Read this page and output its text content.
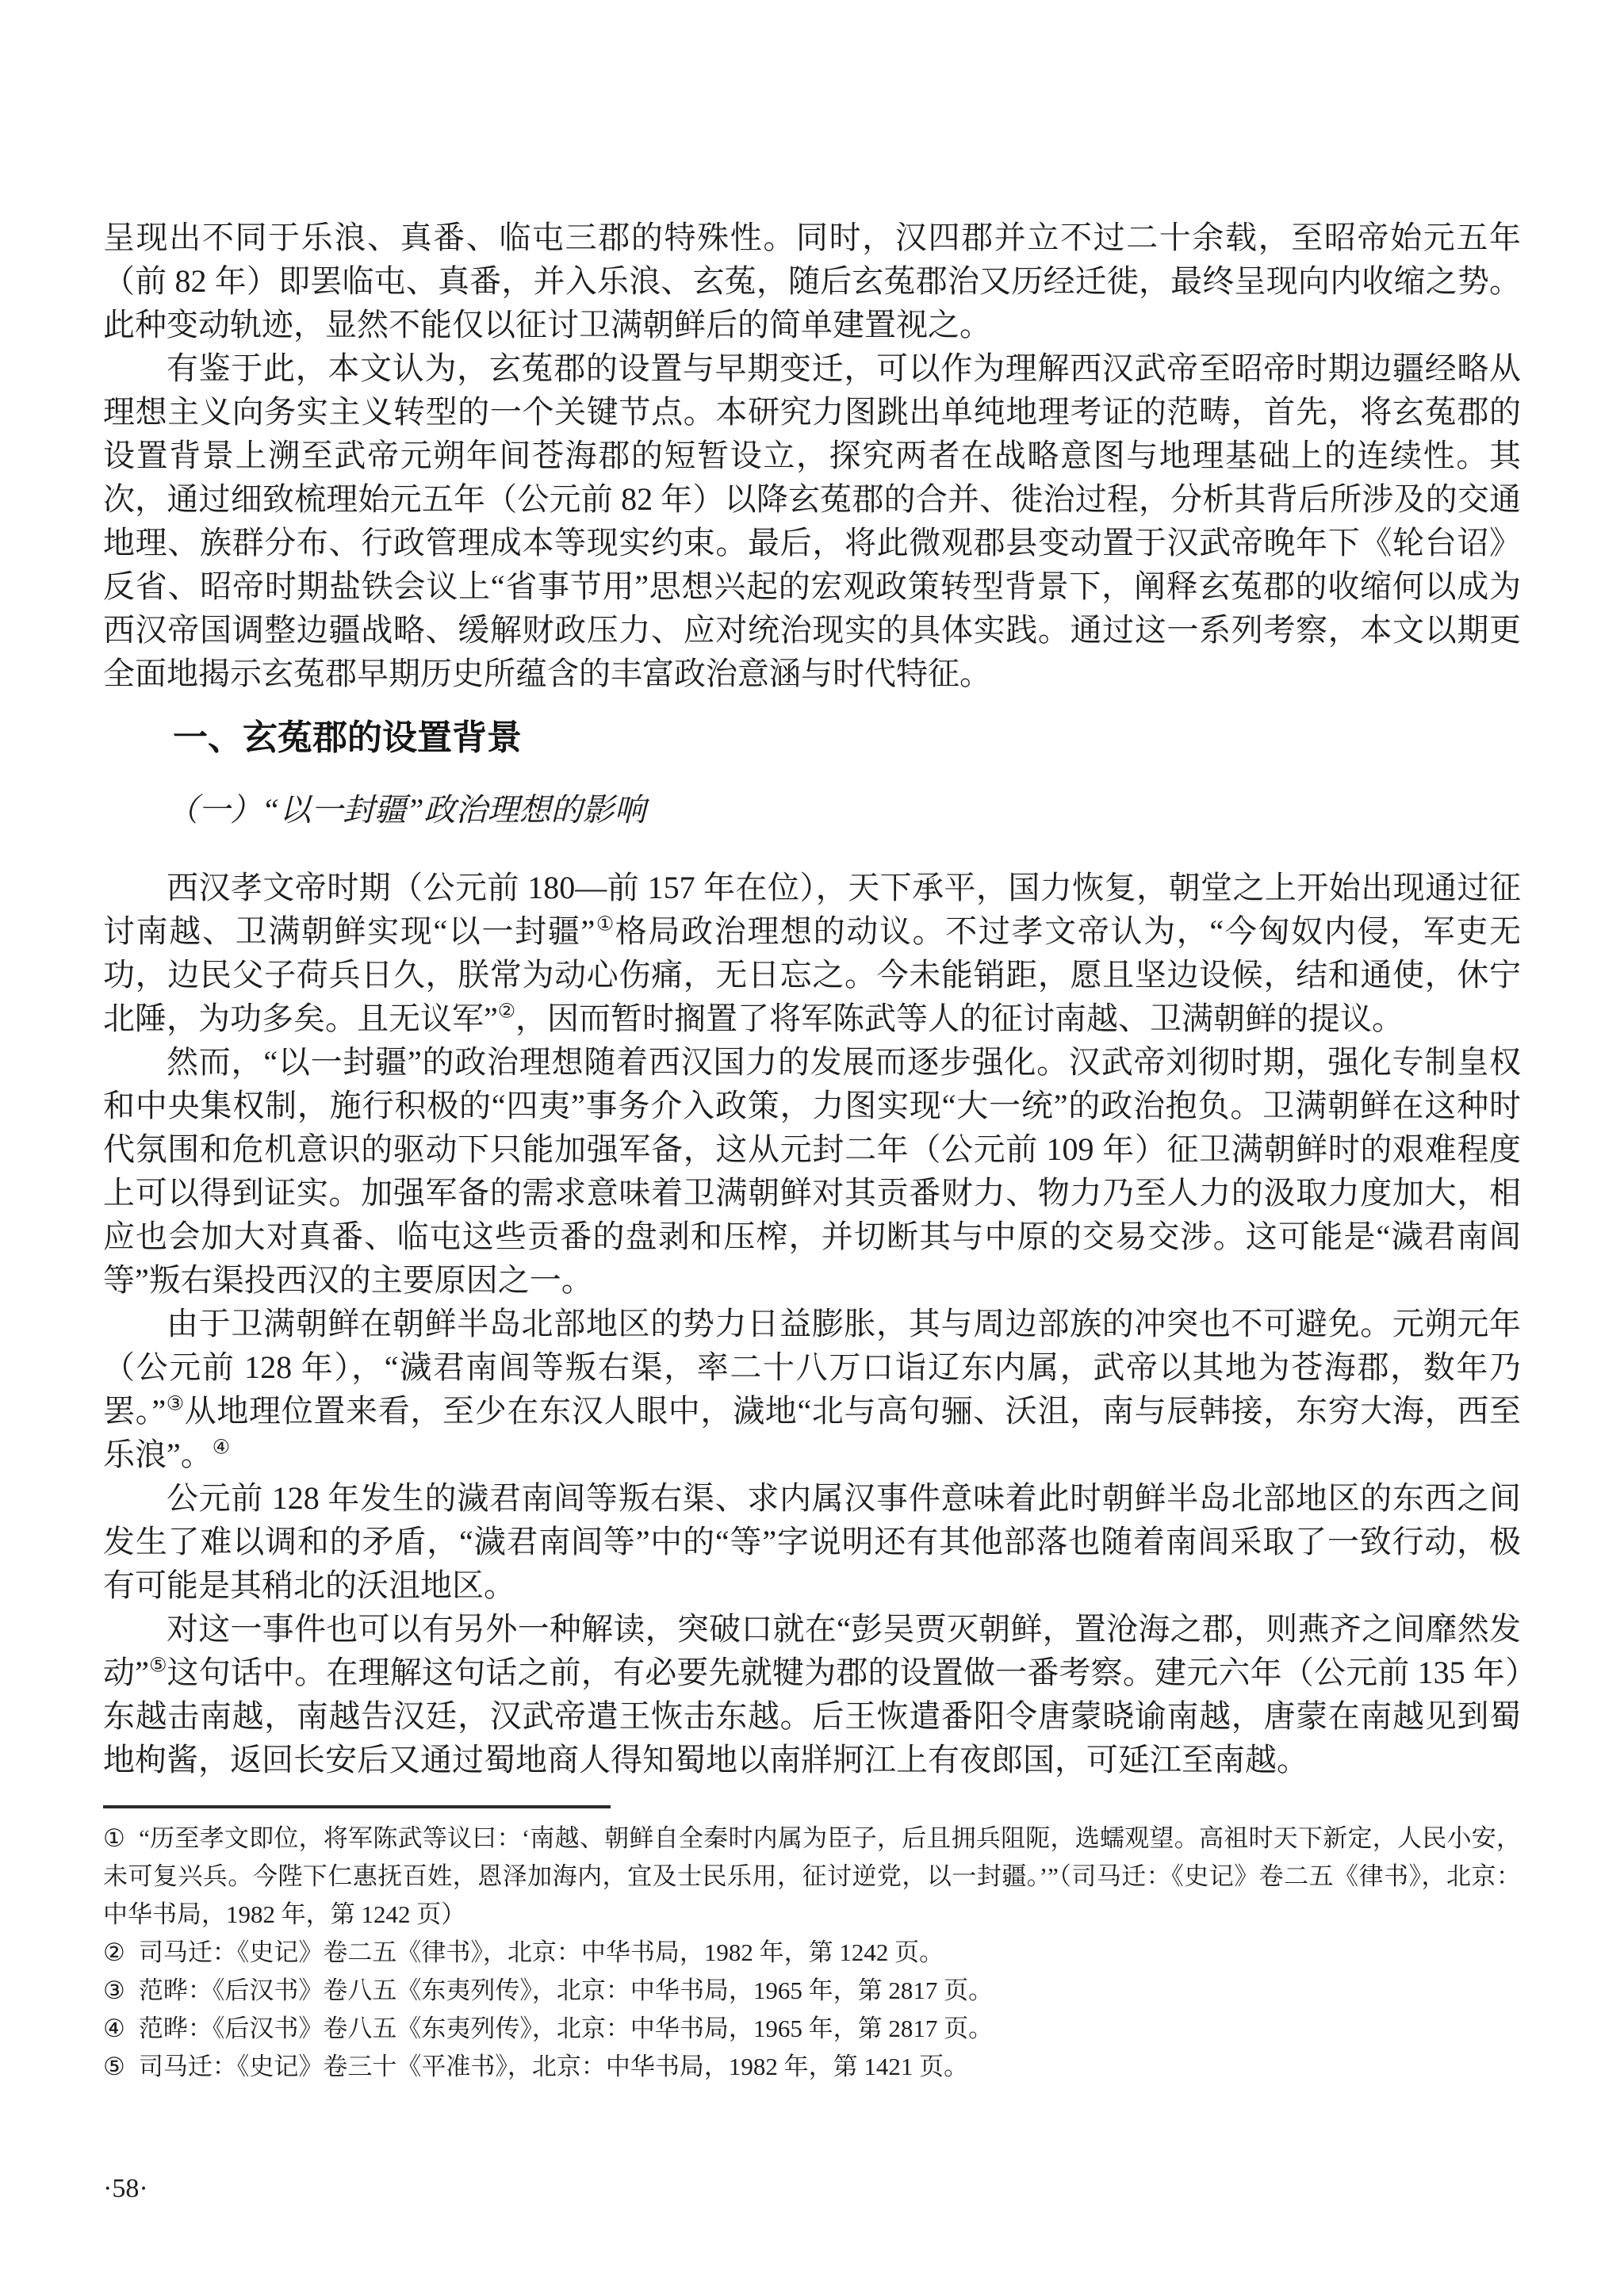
呈现出不同于乐浪、真番、临屯三郡的特殊性。同时，汉四郡并立不过二十余载，至昭帝始元五年（前 82 年）即罢临屯、真番，并入乐浪、玄菟，随后玄菟郡治又历经迁徙，最终呈现向内收缩之势。此种变动轨迹，显然不能仅以征讨卫满朝鲜后的简单建置视之。

有鉴于此，本文认为，玄菟郡的设置与早期变迁，可以作为理解西汉武帝至昭帝时期边疆经略从理想主义向务实主义转型的一个关键节点。本研究力图跳出单纯地理考证的范畴，首先，将玄菟郡的设置背景上溯至武帝元朔年间苍海郡的短暂设立，探究两者在战略意图与地理基础上的连续性。其次，通过细致梳理始元五年（公元前 82 年）以降玄菟郡的合并、徙治过程，分析其背后所涉及的交通地理、族群分布、行政管理成本等现实约束。最后，将此微观郡县变动置于汉武帝晚年下《轮台诏》反省、昭帝时期盐铁会议上“省事节用”思想兴起的宏观政策转型背景下，阐释玄菟郡的收缩何以成为西汉帝国调整边疆战略、缓解财政压力、应对统治现实的具体实践。通过这一系列考察，本文以期更全面地揭示玄菟郡早期历史所蕴含的丰富政治意涵与时代特征。

一、玄菟郡的设置背景
（一）“以一封疆”政治理想的影响

西汉孝文帝时期（公元前 180—前 157 年在位），天下承平，国力恢复，朝堂之上开始出现通过征讨南越、卫满朝鲜实现“以一封疆”①格局政治理想的动议。不过孝文帝认为，“今匈奴内侵，军吏无功，边民父子荷兵日久，朕常为动心伤痛，无日忘之。今未能销距，愿且坚边设候，结和通使，休宁北陲，为功多矣。且无议军”②，因而暂时搁置了将军陈武等人的征讨南越、卫满朝鲜的提议。

然而，“以一封疆”的政治理想随着西汉国力的发展而逐步强化。汉武帝刘彻时期，强化专制皇权和中央集权制，施行积极的“四夷”事务介入政策，力图实现“大一统”的政治抱负。卫满朝鲜在这种时代氛围和危机意识的驱动下只能加强军备，这从元封二年（公元前 109 年）征卫满朝鲜时的艰难程度上可以得到证实。加强军备的需求意味着卫满朝鲜对其贡番财力、物力乃至人力的汲取力度加大，相应也会加大对真番、临屯这些贡番的盘剥和压榨，并切断其与中原的交易交涉。这可能是“濊君南闾等”叛右渠投西汉的主要原因之一。

由于卫满朝鲜在朝鲜半岛北部地区的势力日益膨胀，其与周边部族的冲突也不可避免。元朔元年（公元前 128 年），“濊君南闾等叛右渠，率二十八万口诣辽东内属，武帝以其地为苍海郡，数年乃罢。”③从地理位置来看，至少在东汉人眼中，濊地“北与高句骊、沃沮，南与辰韩接，东穷大海，西至乐浪”。④

公元前 128 年发生的濊君南闾等叛右渠、求内属汉事件意味着此时朝鲜半岛北部地区的东西之间发生了难以调和的矛盾，“濊君南闾等”中的“等”字说明还有其他部落也随着南闾采取了一致行动，极有可能是其稍北的沃沮地区。

对这一事件也可以有另外一种解读，突破口就在“彭吴贾灭朝鲜，置沧海之郡，则燕齐之间靡然发动”⑤这句话中。在理解这句话之前，有必要先就犍为郡的设置做一番考察。建元六年（公元前 135 年）东越击南越，南越告汉廷，汉武帝遣王恢击东越。后王恢遣番阳令唐蒙晓谕南越，唐蒙在南越见到蜀地枸酱，返回长安后又通过蜀地商人得知蜀地以南牂牁江上有夜郎国，可延江至南越。

① “历至孝文即位，将军陈武等议曰：‘南越、朝鲜自全秦时内属为臣子，后且拥兵阻阨，选蠕观望。高祖时天下新定，人民小安，未可复兴兵。今陛下仁惠抚百姓，恩泽加海内，宜及士民乐用，征讨逆党，以一封疆。’”（司马迁：《史记》卷二五《律书》，北京：中华书局，1982 年，第 1242 页）

② 司马迁：《史记》卷二五《律书》，北京：中华书局，1982 年，第 1242 页。

③ 范晔：《后汉书》卷八五《东夷列传》，北京：中华书局，1965 年，第 2817 页。

④ 范晔：《后汉书》卷八五《东夷列传》，北京：中华书局，1965 年，第 2817 页。

⑤ 司马迁：《史记》卷三十《平准书》，北京：中华书局，1982 年，第 1421 页。

·58·
